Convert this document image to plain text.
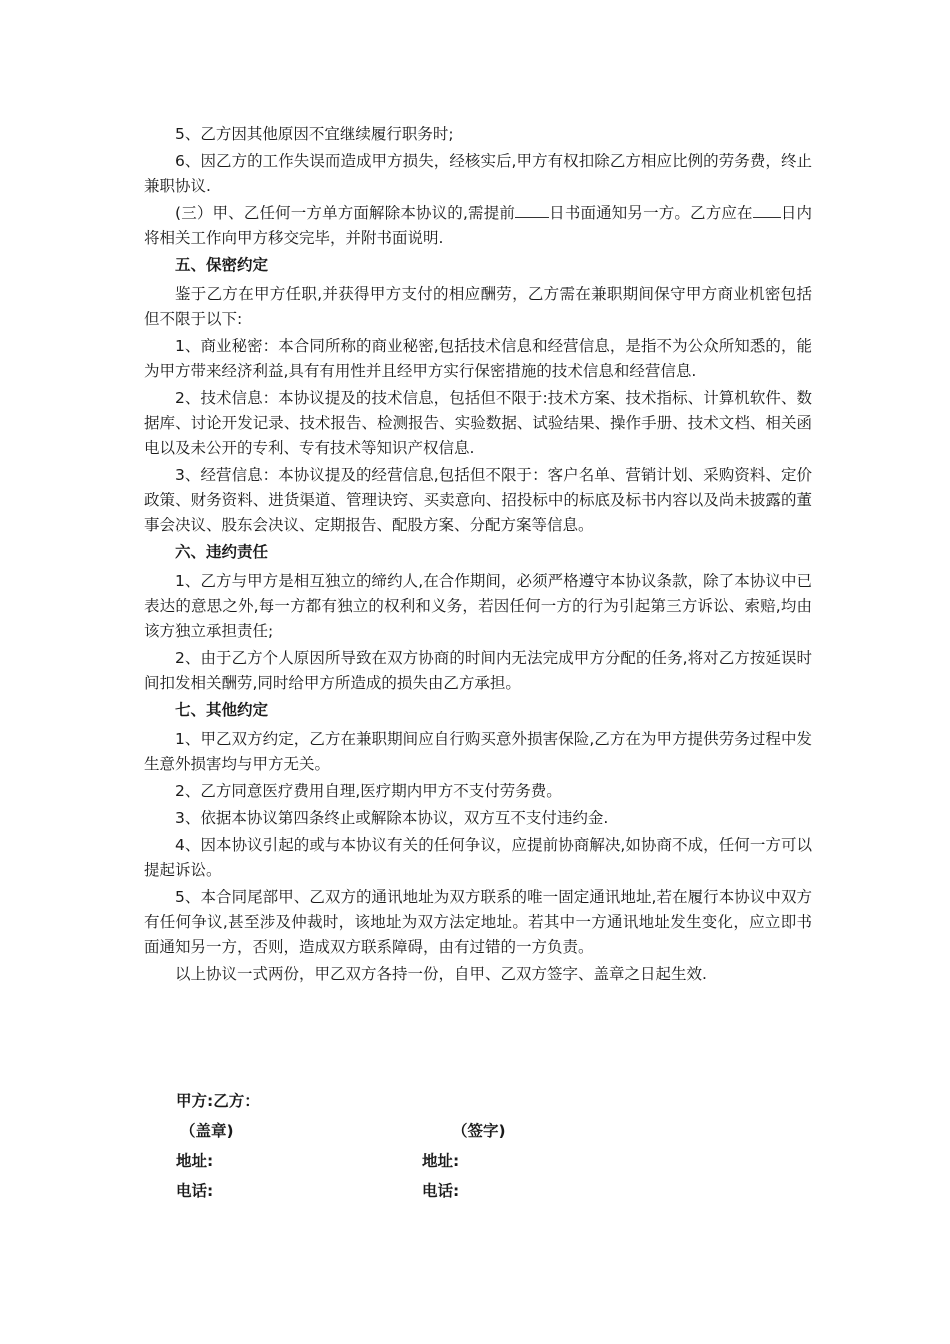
5、乙方因其他原因不宜继续履行职务时;

6、因乙方的工作失误而造成甲方损失，经核实后,甲方有权扣除乙方相应比例的劳务费，终止兼职协议.

(三）甲、乙任何一方单方面解除本协议的,需提前 日书面通知另一方。乙方应在 日内将相关工作向甲方移交完毕，并附书面说明.

五、保密约定

鉴于乙方在甲方任职,并获得甲方支付的相应酬劳，乙方需在兼职期间保守甲方商业机密包括但不限于以下:

1、商业秘密：本合同所称的商业秘密,包括技术信息和经营信息，是指不为公众所知悉的，能为甲方带来经济利益,具有有用性并且经甲方实行保密措施的技术信息和经营信息.

2、技术信息：本协议提及的技术信息，包括但不限于:技术方案、技术指标、计算机软件、数据库、讨论开发记录、技术报告、检测报告、实验数据、试验结果、操作手册、技术文档、相关函电以及未公开的专利、专有技术等知识产权信息.

3、经营信息：本协议提及的经营信息,包括但不限于：客户名单、营销计划、采购资料、定价政策、财务资料、进货渠道、管理诀窍、买卖意向、招投标中的标底及标书内容以及尚未披露的董事会决议、股东会决议、定期报告、配股方案、分配方案等信息。

六、违约责任

1、乙方与甲方是相互独立的缔约人,在合作期间，必须严格遵守本协议条款，除了本协议中已表达的意思之外,每一方都有独立的权利和义务，若因任何一方的行为引起第三方诉讼、索赔,均由该方独立承担责任;

2、由于乙方个人原因所导致在双方协商的时间内无法完成甲方分配的任务,将对乙方按延误时间扣发相关酬劳,同时给甲方所造成的损失由乙方承担。

七、其他约定

1、甲乙双方约定，乙方在兼职期间应自行购买意外损害保险,乙方在为甲方提供劳务过程中发生意外损害均与甲方无关。

2、乙方同意医疗费用自理,医疗期内甲方不支付劳务费。

3、依据本协议第四条终止或解除本协议，双方互不支付违约金.

4、因本协议引起的或与本协议有关的任何争议，应提前协商解决,如协商不成，任何一方可以提起诉讼。

5、本合同尾部甲、乙双方的通讯地址为双方联系的唯一固定通讯地址,若在履行本协议中双方有任何争议,甚至涉及仲裁时，该地址为双方法定地址。若其中一方通讯地址发生变化，应立即书面通知另一方，否则，造成双方联系障碍，由有过错的一方负责。

以上协议一式两份，甲乙双方各持一份，自甲、乙双方签字、盖章之日起生效.

甲方:乙方：
（盖章)	（签字)
地址:	地址:
电话:	电话:
